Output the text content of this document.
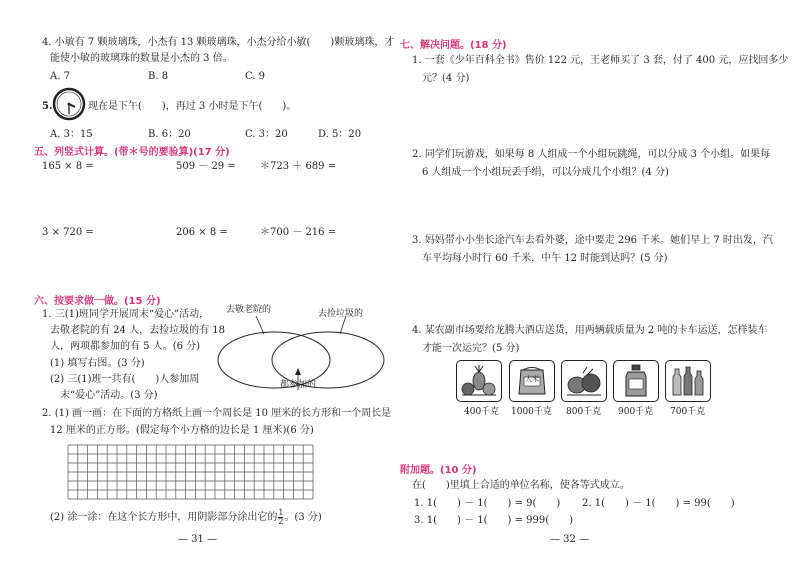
4. 小敏有 7 颗玻璃珠，小杰有 13 颗玻璃珠，小杰分给小敏(　　)颗玻璃珠，才
能使小敏的玻璃珠的数量是小杰的 3 倍。
A. 7	B. 8	C. 9
5.	现在是下午(　　)，再过 3 小时是下午(　　)。
A. 3：15	B. 6：20	C. 3：20	D. 5：20
五、列竖式计算。(带＊号的要验算)(17 分)
165 × 8 =	509 － 29 = ＊723 ＋ 689 =
3 × 720 =	206 × 8 =	＊700 － 216 =
六、按要求做一做。(15 分)
1. 三(1)班同学开展周末“爱心”活动，
去敬老院的有 24 人，去捡垃圾的有 18
人，两项都参加的有 5 人。(6 分)
(1) 填写右图。(3 分)
(2) 三(1)班一共有(　　)人参加周
末“爱心”活动。(3 分)
去敬老院的	去捡垃圾的
都参加的
2. (1) 画一画：在下面的方格纸上画一个周长是 10 厘米的长方形和一个周长是
12 厘米的正方形。(假定每个小方格的边长是 1 厘米)(6 分)
(2) 涂一涂：在这个长方形中，用阴影部分涂出它的 $\frac{1}{2}$ 。(3 分)
— 31 —
七、解决问题。(18 分)
1. 一套《少年百科全书》售价 122 元，王老师买了 3 套，付了 400 元，应找回多少
元？(4 分)
2. 同学们玩游戏，如果每 8 人组成一个小组玩跳绳，可以分成 3 个小组。如果每
6 人组成一个小组玩丢手绢，可以分成几个小组？(4 分)
3. 妈妈带小小坐长途汽车去看外婆，途中要走 296 千米。她们早上 7 时出发，汽
车平均每小时行 60 千米，中午 12 时能到达吗？(5 分)
4. 某农副市场要给龙腾大酒店送货，用两辆载质量为 2 吨的卡车运送，怎样装车
才能一次运完？(5 分)
大米
400千克 1000千克 800千克 900千克 700千克
附加题。(10 分)
在(　　)里填上合适的单位名称，使各等式成立。
1. 1(　　) － 1(　　) = 9(　　) 2. 1(　　) － 1(　　) = 99(　　)
3. 1(　　) － 1(　　) = 999(　　)
— 32 —
